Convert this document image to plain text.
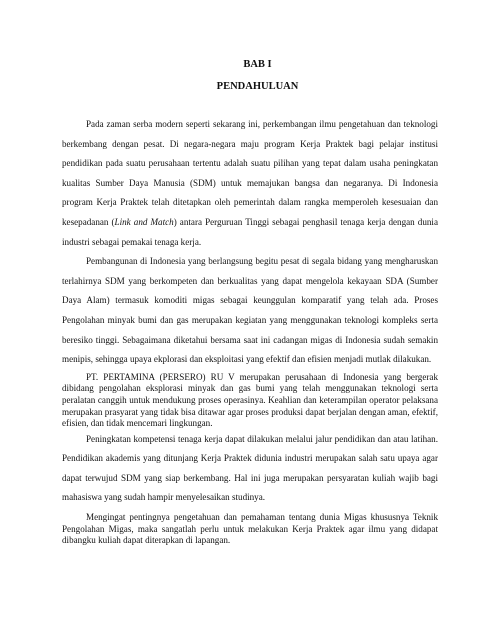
BAB I
PENDAHULUAN

Pada zaman serba modern seperti sekarang ini, perkembangan ilmu pengetahuan dan teknologi berkembang dengan pesat. Di negara-negara maju program Kerja Praktek bagi pelajar institusi pendidikan pada suatu perusahaan tertentu adalah suatu pilihan yang tepat dalam usaha peningkatan kualitas Sumber Daya Manusia (SDM) untuk memajukan bangsa dan negaranya. Di Indonesia program Kerja Praktek telah ditetapkan oleh pemerintah dalam rangka memperoleh kesesuaian dan kesepadanan (Link and Match) antara Perguruan Tinggi sebagai penghasil tenaga kerja dengan dunia industri sebagai pemakai tenaga kerja.

Pembangunan di Indonesia yang berlangsung begitu pesat di segala bidang yang mengharuskan terlahirnya SDM yang berkompeten dan berkualitas yang dapat mengelola kekayaan SDA (Sumber Daya Alam) termasuk komoditi migas sebagai keunggulan komparatif yang telah ada. Proses Pengolahan minyak bumi dan gas merupakan kegiatan yang menggunakan teknologi kompleks serta beresiko tinggi. Sebagaimana diketahui bersama saat ini cadangan migas di Indonesia sudah semakin menipis, sehingga upaya ekplorasi dan eksploitasi yang efektif dan efisien menjadi mutlak dilakukan.

PT. PERTAMINA (PERSERO) RU V merupakan perusahaan di Indonesia yang bergerak dibidang pengolahan eksplorasi minyak dan gas bumi yang telah menggunakan teknologi serta peralatan canggih untuk mendukung proses operasinya. Keahlian dan keterampilan operator pelaksana merupakan prasyarat yang tidak bisa ditawar agar proses produksi dapat berjalan dengan aman, efektif, efisien, dan tidak mencemari lingkungan.

Peningkatan kompetensi tenaga kerja dapat dilakukan melalui jalur pendidikan dan atau latihan. Pendidikan akademis yang ditunjang Kerja Praktek didunia industri merupakan salah satu upaya agar dapat terwujud SDM yang siap berkembang. Hal ini juga merupakan persyaratan kuliah wajib bagi mahasiswa yang sudah hampir menyelesaikan studinya.

Mengingat pentingnya pengetahuan dan pemahaman tentang dunia Migas khususnya Teknik Pengolahan Migas, maka sangatlah perlu untuk melakukan Kerja Praktek agar ilmu yang didapat dibangku kuliah dapat diterapkan di lapangan.
